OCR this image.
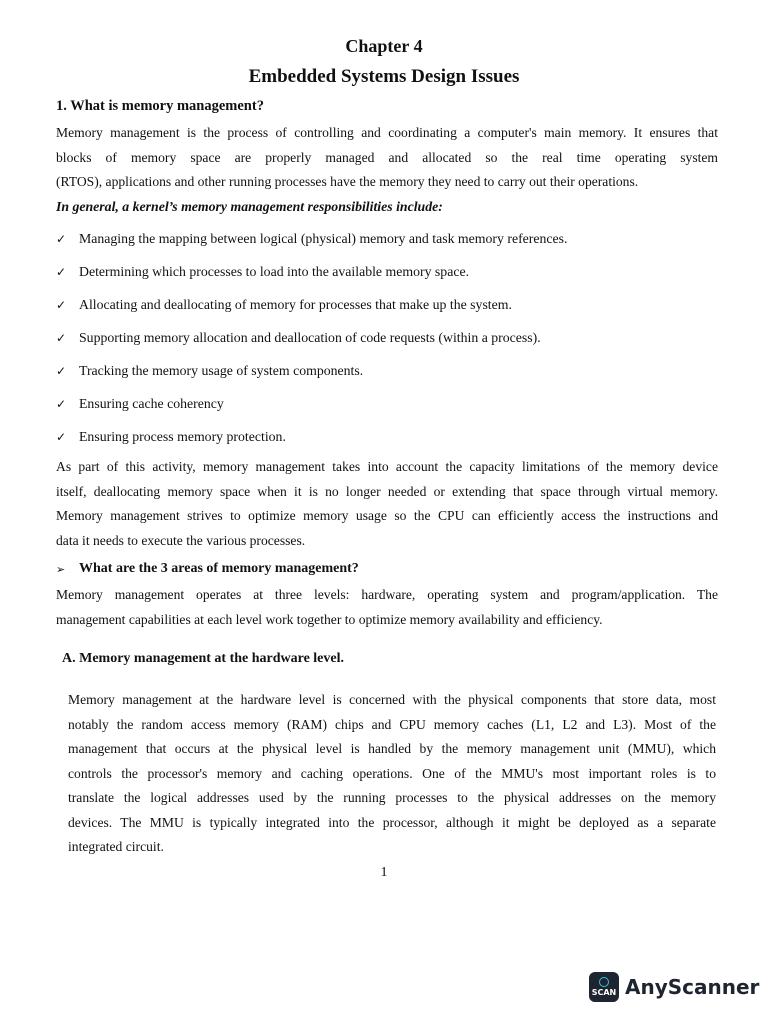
Chapter 4
Embedded Systems Design Issues
1. What is memory management?
Memory management is the process of controlling and coordinating a computer's main memory. It ensures that
blocks of memory space are properly managed and allocated so the real time operating system
(RTOS), applications and other running processes have the memory they need to carry out their operations.
In general, a kernel’s memory management responsibilities include:
✓ Managing the mapping between logical (physical) memory and task memory references.
✓ Determining which processes to load into the available memory space.
✓ Allocating and deallocating of memory for processes that make up the system.
✓ Supporting memory allocation and deallocation of code requests (within a process).
✓ Tracking the memory usage of system components.
✓ Ensuring cache coherency
✓ Ensuring process memory protection.
As part of this activity, memory management takes into account the capacity limitations of the memory device
itself, deallocating memory space when it is no longer needed or extending that space through virtual memory.
Memory management strives to optimize memory usage so the CPU can efficiently access the instructions and
data it needs to execute the various processes.
➢ What are the 3 areas of memory management?
Memory management operates at three levels: hardware, operating system and program/application. The
management capabilities at each level work together to optimize memory availability and efficiency.
A. Memory management at the hardware level.
Memory management at the hardware level is concerned with the physical components that store data, most
notably the random access memory (RAM) chips and CPU memory caches (L1, L2 and L3). Most of the
management that occurs at the physical level is handled by the memory management unit (MMU), which
controls the processor's memory and caching operations. One of the MMU's most important roles is to
translate the logical addresses used by the running processes to the physical addresses on the memory
devices. The MMU is typically integrated into the processor, although it might be deployed as a separate
integrated circuit.
1
SCAN AnyScanner
